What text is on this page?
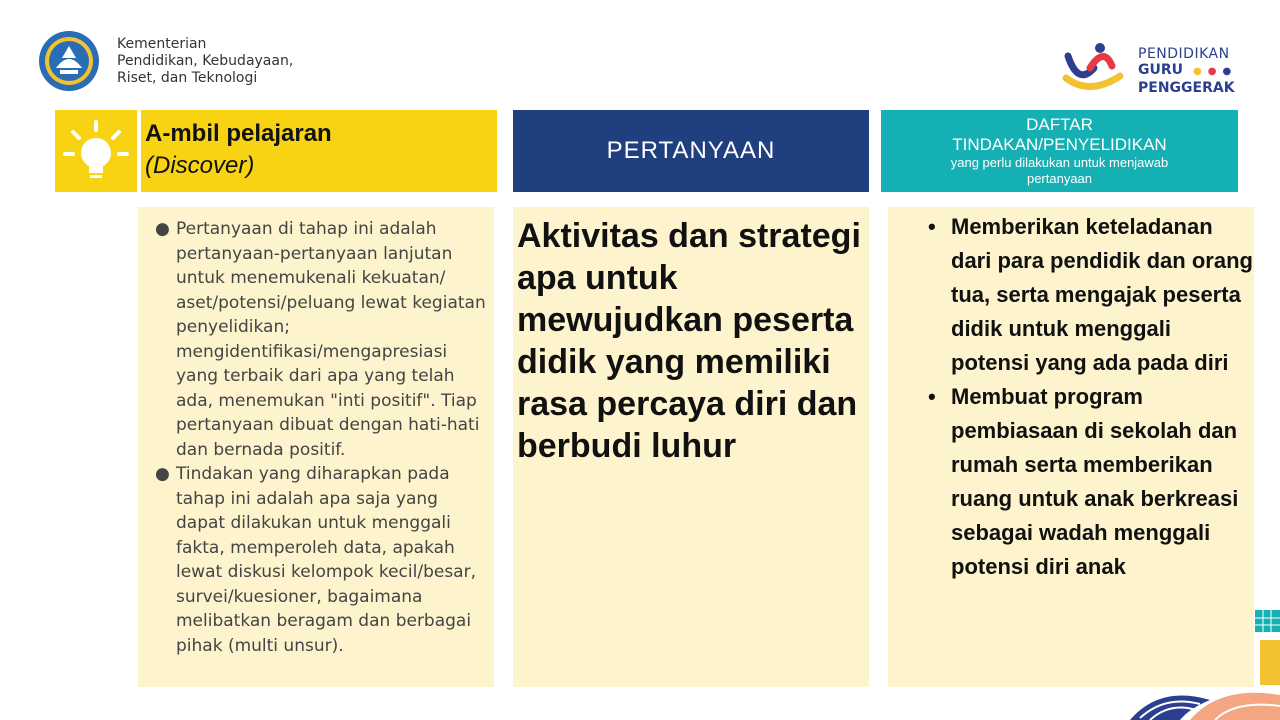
Kementerian
Pendidikan, Kebudayaan,
Riset, dan Teknologi
PENDIDIKAN
GURU ●●●
PENGGERAK
A-mbil pelajaran
(Discover)
PERTANYAAN
DAFTAR
TINDAKAN/PENYELIDIKAN
yang perlu dilakukan untuk menjawab
pertanyaan
● Pertanyaan di tahap ini adalah pertanyaan-pertanyaan lanjutan untuk menemukenali kekuatan/ aset/potensi/peluang lewat kegiatan penyelidikan; mengidentifikasi/mengapresiasi yang terbaik dari apa yang telah ada, menemukan "inti positif". Tiap pertanyaan dibuat dengan hati-hati dan bernada positif.
● Tindakan yang diharapkan pada tahap ini adalah apa saja yang dapat dilakukan untuk menggali fakta, memperoleh data, apakah lewat diskusi kelompok kecil/besar, survei/kuesioner, bagaimana melibatkan beragam dan berbagai pihak (multi unsur).
Aktivitas dan strategi apa untuk mewujudkan peserta didik yang memiliki rasa percaya diri dan berbudi luhur
• Memberikan keteladanan dari para pendidik dan orang tua, serta mengajak peserta didik untuk menggali potensi yang ada pada diri
• Membuat program pembiasaan di sekolah dan rumah serta memberikan ruang untuk anak berkreasi sebagai wadah menggali potensi diri anak
